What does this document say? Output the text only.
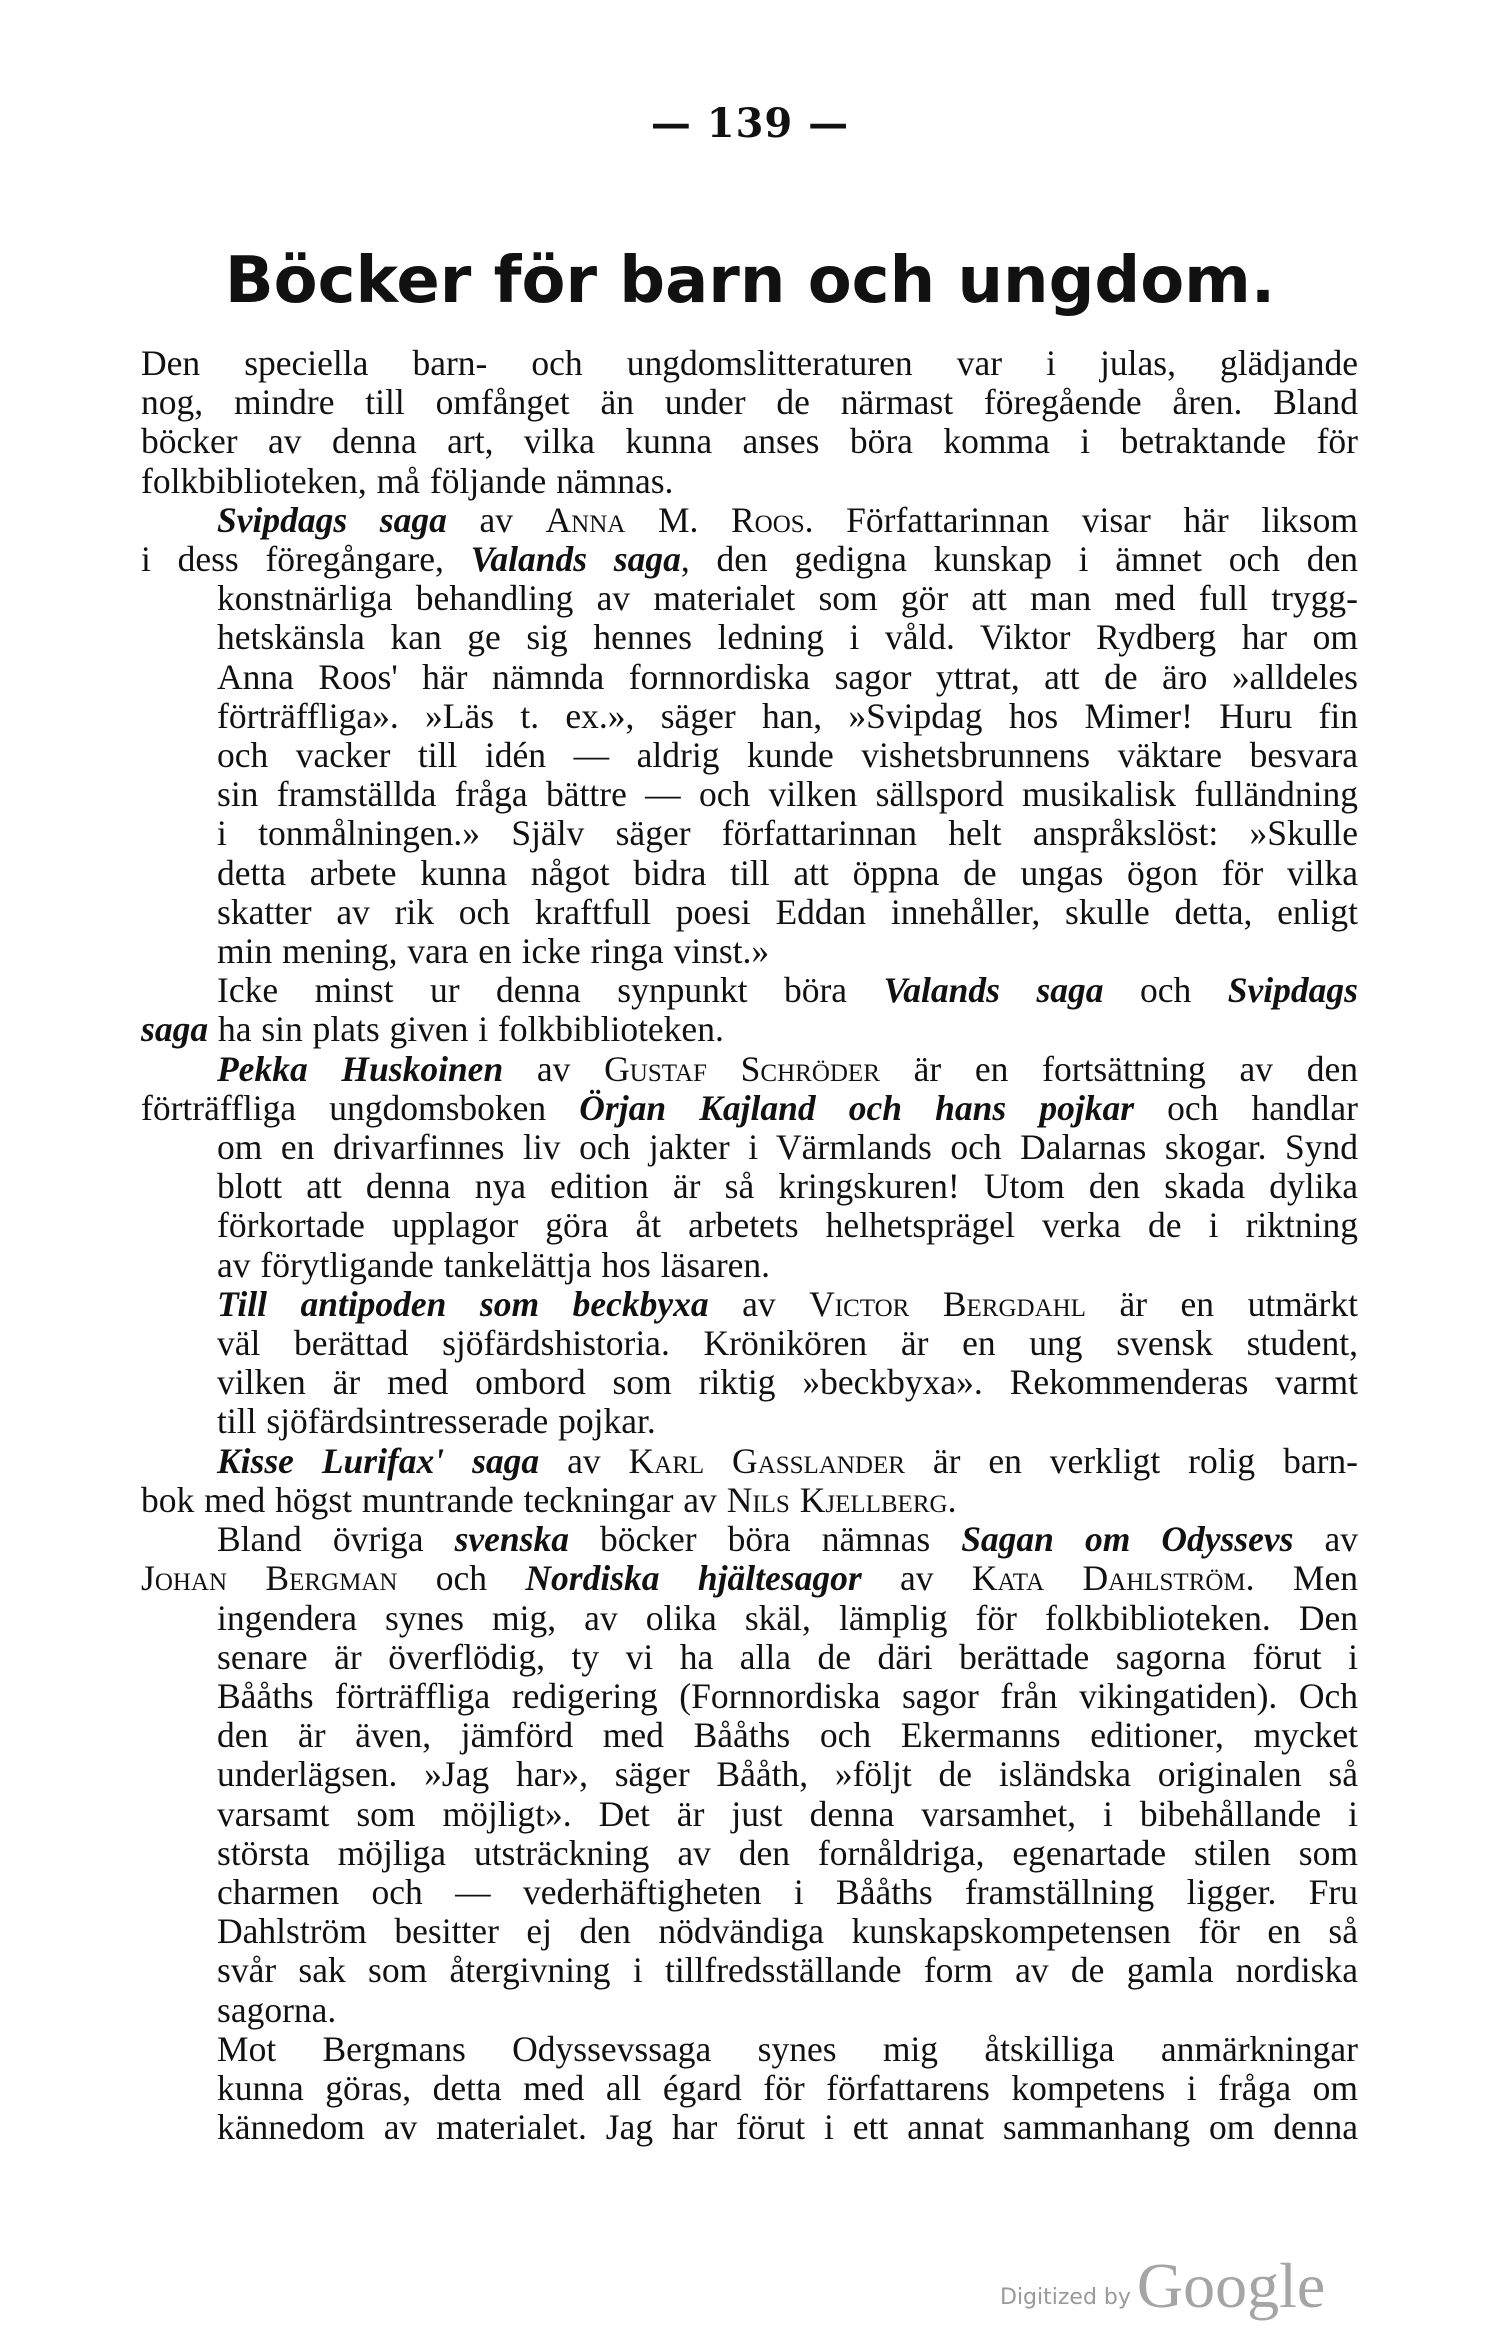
— 139 —
Böcker för barn och ungdom.

Den speciella barn- och ungdomslitteraturen var i julas, glädjande
nog, mindre till omfånget än under de närmast föregående åren. Bland
böcker av denna art, vilka kunna anses böra komma i betraktande för
folkbiblioteken, må följande nämnas.

Svipdags saga av Anna M. Roos. Författarinnan visar här liksom
i dess föregångare, Valands saga, den gedigna kunskap i ämnet och den
konstnärliga behandling av materialet som gör att man med full trygg-
hetskänsla kan ge sig hennes ledning i våld. Viktor Rydberg har om
Anna Roos' här nämnda fornnordiska sagor yttrat, att de äro »alldeles
förträffliga». »Läs t. ex.», säger han, »Svipdag hos Mimer! Huru fin
och vacker till idén — aldrig kunde vishetsbrunnens väktare besvara
sin framställda fråga bättre — och vilken sällspord musikalisk fulländning
i tonmålningen.» Själv säger författarinnan helt anspråkslöst: »Skulle
detta arbete kunna något bidra till att öppna de ungas ögon för vilka
skatter av rik och kraftfull poesi Eddan innehåller, skulle detta, enligt
min mening, vara en icke ringa vinst.»

Icke minst ur denna synpunkt böra Valands saga och Svipdags
saga ha sin plats given i folkbiblioteken.

Pekka Huskoinen av Gustaf Schröder är en fortsättning av den
förträffliga ungdomsboken Örjan Kajland och hans pojkar och handlar
om en drivarfinnes liv och jakter i Värmlands och Dalarnas skogar. Synd
blott att denna nya edition är så kringskuren! Utom den skada dylika
förkortade upplagor göra åt arbetets helhetsprägel verka de i riktning
av förytligande tankelättja hos läsaren.

Till antipoden som beckbyxa av Victor Bergdahl är en utmärkt
väl berättad sjöfärdshistoria. Krönikören är en ung svensk student,
vilken är med ombord som riktig »beckbyxa». Rekommenderas varmt
till sjöfärdsintresserade pojkar.

Kisse Lurifax' saga av Karl Gasslander är en verkligt rolig barn-
bok med högst muntrande teckningar av Nils Kjellberg.

Bland övriga svenska böcker böra nämnas Sagan om Odyssevs av
Johan Bergman och Nordiska hjältesagor av Kata Dahlström. Men
ingendera synes mig, av olika skäl, lämplig för folkbiblioteken. Den
senare är överflödig, ty vi ha alla de däri berättade sagorna förut i
Bååths förträffliga redigering (Fornnordiska sagor från vikingatiden). Och
den är även, jämförd med Bååths och Ekermanns editioner, mycket
underlägsen. »Jag har», säger Bååth, »följt de isländska originalen så
varsamt som möjligt». Det är just denna varsamhet, i bibehållande i
största möjliga utsträckning av den fornåldriga, egenartade stilen som
charmen och — vederhäftigheten i Bååths framställning ligger. Fru
Dahlström besitter ej den nödvändiga kunskapskompetensen för en så
svår sak som återgivning i tillfredsställande form av de gamla nordiska
sagorna.

Mot Bergmans Odyssevssaga synes mig åtskilliga anmärkningar
kunna göras, detta med all égard för författarens kompetens i fråga om
kännedom av materialet. Jag har förut i ett annat sammanhang om denna

Digitized by Google
